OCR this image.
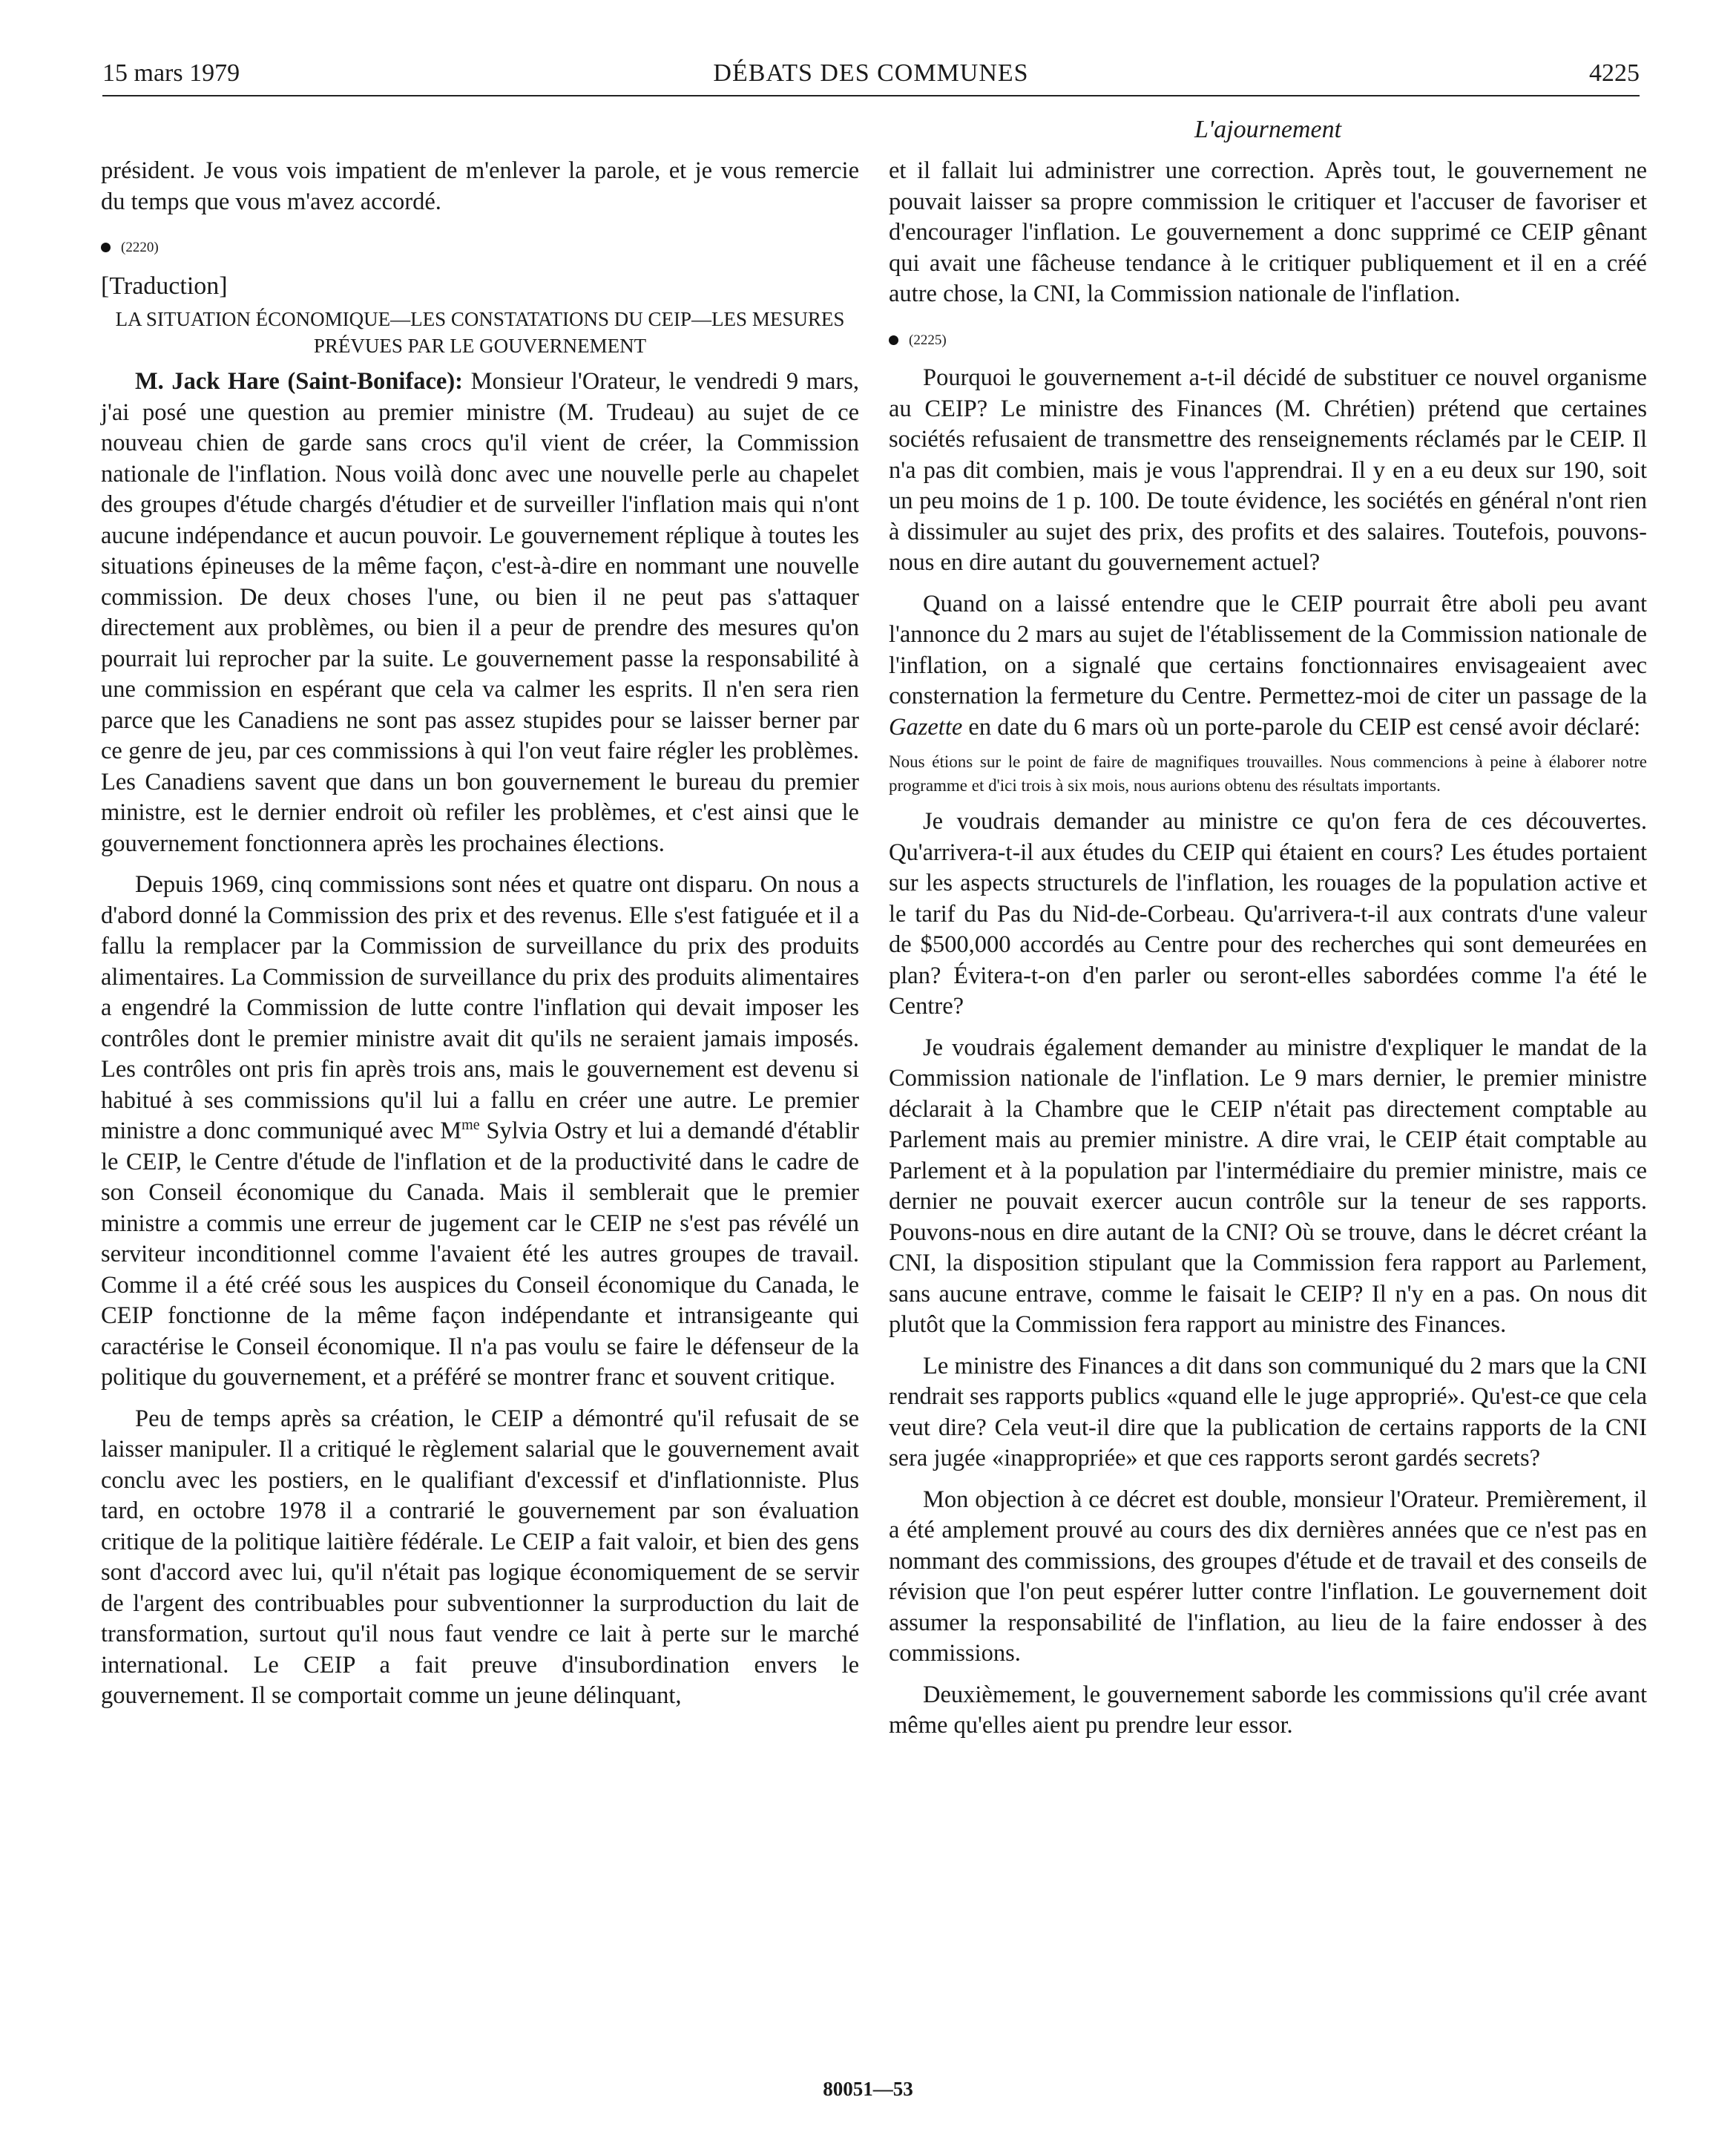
15 mars 1979	DÉBATS DES COMMUNES	4225
L'ajournement

président. Je vous vois impatient de m'enlever la parole, et je vous remercie du temps que vous m'avez accordé.

(2220)
[Traduction]
LA SITUATION ÉCONOMIQUE—LES CONSTATATIONS DU CEIP—LES MESURES PRÉVUES PAR LE GOUVERNEMENT

M. Jack Hare (Saint-Boniface): Monsieur l'Orateur, le vendredi 9 mars, j'ai posé une question au premier ministre (M. Trudeau) au sujet de ce nouveau chien de garde sans crocs qu'il vient de créer, la Commission nationale de l'inflation. Nous voilà donc avec une nouvelle perle au chapelet des groupes d'étude chargés d'étudier et de surveiller l'inflation mais qui n'ont aucune indépendance et aucun pouvoir. Le gouvernement réplique à toutes les situations épineuses de la même façon, c'est-à-dire en nommant une nouvelle commission. De deux choses l'une, ou bien il ne peut pas s'attaquer directement aux problèmes, ou bien il a peur de prendre des mesures qu'on pourrait lui reprocher par la suite. Le gouvernement passe la responsabilité à une commission en espérant que cela va calmer les esprits. Il n'en sera rien parce que les Canadiens ne sont pas assez stupides pour se laisser berner par ce genre de jeu, par ces commissions à qui l'on veut faire régler les problèmes. Les Canadiens savent que dans un bon gouvernement le bureau du premier ministre, est le dernier endroit où refiler les problèmes, et c'est ainsi que le gouvernement fonctionnera après les prochaines élections.

Depuis 1969, cinq commissions sont nées et quatre ont disparu. On nous a d'abord donné la Commission des prix et des revenus. Elle s'est fatiguée et il a fallu la remplacer par la Commission de surveillance du prix des produits alimentaires. La Commission de surveillance du prix des produits alimentaires a engendré la Commission de lutte contre l'inflation qui devait imposer les contrôles dont le premier ministre avait dit qu'ils ne seraient jamais imposés. Les contrôles ont pris fin après trois ans, mais le gouvernement est devenu si habitué à ses commissions qu'il lui a fallu en créer une autre. Le premier ministre a donc communiqué avec $M^{me}$ Sylvia Ostry et lui a demandé d'établir le CEIP, le Centre d'étude de l'inflation et de la productivité dans le cadre de son Conseil économique du Canada. Mais il semblerait que le premier ministre a commis une erreur de jugement car le CEIP ne s'est pas révélé un serviteur inconditionnel comme l'avaient été les autres groupes de travail. Comme il a été créé sous les auspices du Conseil économique du Canada, le CEIP fonctionne de la même façon indépendante et intransigeante qui caractérise le Conseil économique. Il n'a pas voulu se faire le défenseur de la politique du gouvernement, et a préféré se montrer franc et souvent critique.

Peu de temps après sa création, le CEIP a démontré qu'il refusait de se laisser manipuler. Il a critiqué le règlement salarial que le gouvernement avait conclu avec les postiers, en le qualifiant d'excessif et d'inflationniste. Plus tard, en octobre 1978 il a contrarié le gouvernement par son évaluation critique de la politique laitière fédérale. Le CEIP a fait valoir, et bien des gens sont d'accord avec lui, qu'il n'était pas logique économiquement de se servir de l'argent des contribuables pour subventionner la surproduction du lait de transformation, surtout qu'il nous faut vendre ce lait à perte sur le marché international. Le CEIP a fait preuve d'insubordination envers le gouvernement. Il se comportait comme un jeune délinquant,

et il fallait lui administrer une correction. Après tout, le gouvernement ne pouvait laisser sa propre commission le critiquer et l'accuser de favoriser et d'encourager l'inflation. Le gouvernement a donc supprimé ce CEIP gênant qui avait une fâcheuse tendance à le critiquer publiquement et il en a créé autre chose, la CNI, la Commission nationale de l'inflation.

(2225)

Pourquoi le gouvernement a-t-il décidé de substituer ce nouvel organisme au CEIP? Le ministre des Finances (M. Chrétien) prétend que certaines sociétés refusaient de transmettre des renseignements réclamés par le CEIP. Il n'a pas dit combien, mais je vous l'apprendrai. Il y en a eu deux sur 190, soit un peu moins de 1 p. 100. De toute évidence, les sociétés en général n'ont rien à dissimuler au sujet des prix, des profits et des salaires. Toutefois, pouvons-nous en dire autant du gouvernement actuel?

Quand on a laissé entendre que le CEIP pourrait être aboli peu avant l'annonce du 2 mars au sujet de l'établissement de la Commission nationale de l'inflation, on a signalé que certains fonctionnaires envisageaient avec consternation la fermeture du Centre. Permettez-moi de citer un passage de la Gazette en date du 6 mars où un porte-parole du CEIP est censé avoir déclaré:

Nous étions sur le point de faire de magnifiques trouvailles. Nous commencions à peine à élaborer notre programme et d'ici trois à six mois, nous aurions obtenu des résultats importants.

Je voudrais demander au ministre ce qu'on fera de ces découvertes. Qu'arrivera-t-il aux études du CEIP qui étaient en cours? Les études portaient sur les aspects structurels de l'inflation, les rouages de la population active et le tarif du Pas du Nid-de-Corbeau. Qu'arrivera-t-il aux contrats d'une valeur de $500,000 accordés au Centre pour des recherches qui sont demeurées en plan? Évitera-t-on d'en parler ou seront-elles sabordées comme l'a été le Centre?

Je voudrais également demander au ministre d'expliquer le mandat de la Commission nationale de l'inflation. Le 9 mars dernier, le premier ministre déclarait à la Chambre que le CEIP n'était pas directement comptable au Parlement mais au premier ministre. A dire vrai, le CEIP était comptable au Parlement et à la population par l'intermédiaire du premier ministre, mais ce dernier ne pouvait exercer aucun contrôle sur la teneur de ses rapports. Pouvons-nous en dire autant de la CNI? Où se trouve, dans le décret créant la CNI, la disposition stipulant que la Commission fera rapport au Parlement, sans aucune entrave, comme le faisait le CEIP? Il n'y en a pas. On nous dit plutôt que la Commission fera rapport au ministre des Finances.

Le ministre des Finances a dit dans son communiqué du 2 mars que la CNI rendrait ses rapports publics «quand elle le juge approprié». Qu'est-ce que cela veut dire? Cela veut-il dire que la publication de certains rapports de la CNI sera jugée «inappropriée» et que ces rapports seront gardés secrets?

Mon objection à ce décret est double, monsieur l'Orateur. Premièrement, il a été amplement prouvé au cours des dix dernières années que ce n'est pas en nommant des commissions, des groupes d'étude et de travail et des conseils de révision que l'on peut espérer lutter contre l'inflation. Le gouvernement doit assumer la responsabilité de l'inflation, au lieu de la faire endosser à des commissions.

Deuxièmement, le gouvernement saborde les commissions qu'il crée avant même qu'elles aient pu prendre leur essor.

80051—53
